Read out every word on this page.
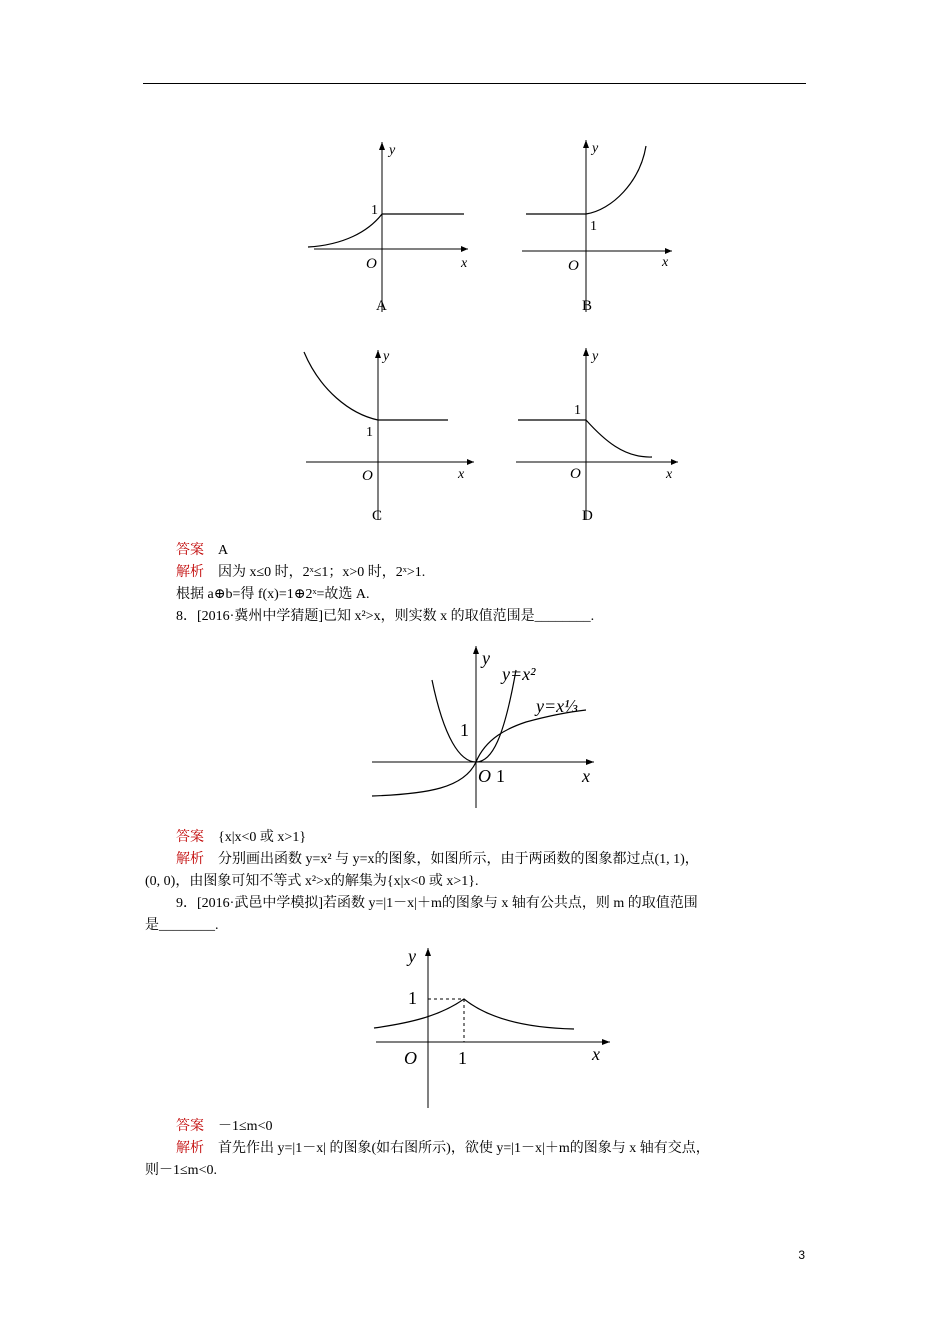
y
x
O
1
A
y
x
O
1
B
y
x
O
1
C
y
x
O
1
D
答案 A
解析 因为 x≤0 时，2ˣ≤1；x>0 时，2ˣ>1.
根据 a⊕b=得 f(x)=1⊕2ˣ=故选 A.
8．[2016·冀州中学猜题]已知 x²>x，则实数 x 的取值范围是________.
y
x
O 1
1
y=x²
y=x⅓
答案 {x|x<0 或 x>1}
解析 分别画出函数 y=x² 与 y=x的图象，如图所示，由于两函数的图象都过点(1, 1)，
(0, 0)，由图象可知不等式 x²>x的解集为{x|x<0 或 x>1}.
9．[2016·武邑中学模拟]若函数 y=|1－x|＋m的图象与 x 轴有公共点，则 m 的取值范围
是________.
y
x
O 1
1
答案 －1≤m<0
解析 首先作出 y=|1－x| 的图象(如右图所示)，欲使 y=|1－x|＋m的图象与 x 轴有交点，
则－1≤m<0.
3
